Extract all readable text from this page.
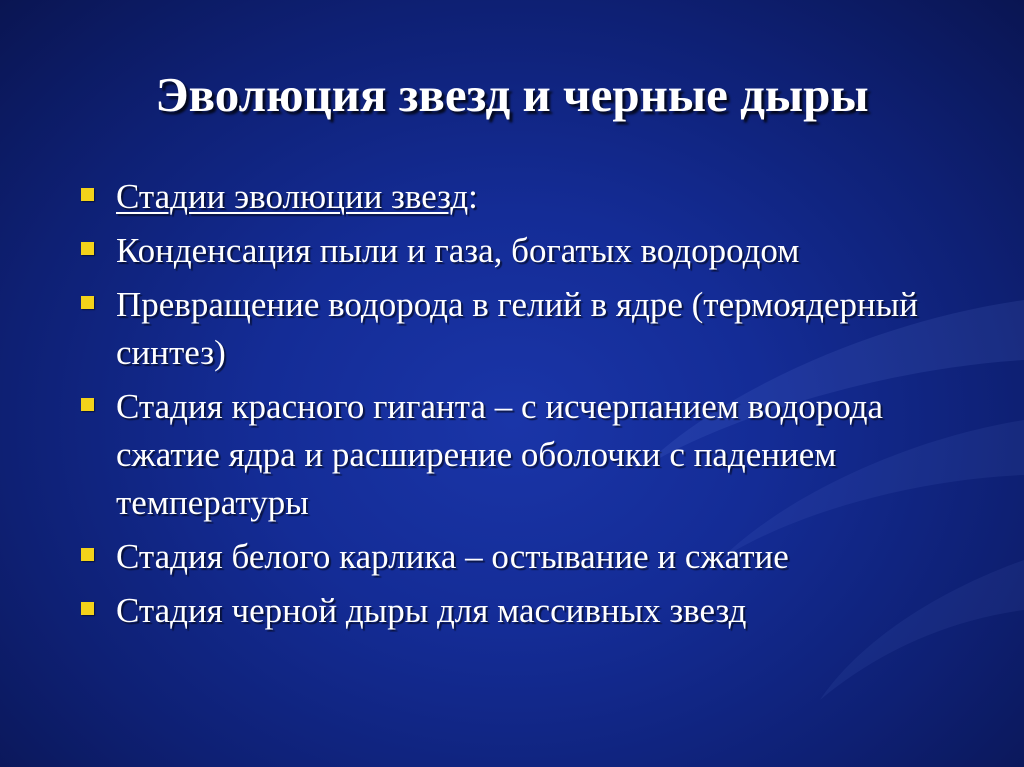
Эволюция звезд и черные дыры
Стадии эволюции звезд:
Конденсация пыли и газа, богатых водородом
Превращение водорода в гелий в ядре (термоядерный синтез)
Стадия красного гиганта – с исчерпанием водорода сжатие ядра и расширение оболочки с падением температуры
Стадия белого карлика – остывание и сжатие
Стадия черной дыры для массивных звезд
